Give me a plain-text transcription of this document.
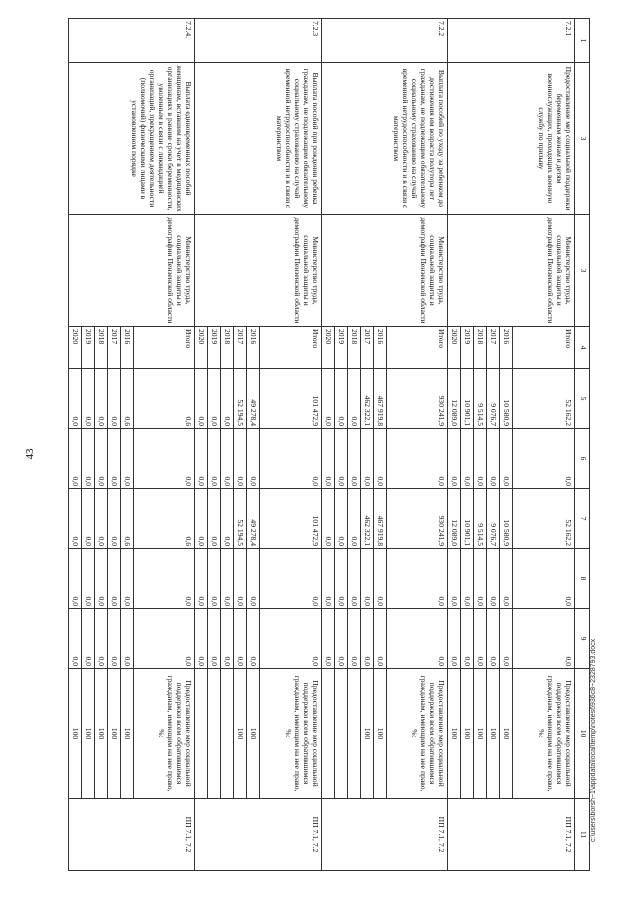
43
1	3	3	4	5	6	7	8	9	10	11
7.2.1	Предоставление мер социальной поддержки беременным женам и детям военнослужащих, проходящих военную службу по призыву	Министерство труда, социальной защиты и демографии Пензенской области	Итого	52 162,2	0,0	52 162,2	0,0	0,0	Предоставление мер социальной поддержки всем обратившимся гражданам, имеющим на нее право, %:	ПП 7.1, 7.2
			2016	10 580,9	0,0	10 580,9	0,0	0,0	100	
			2017	9 076,7	0,0	9 076,7	0,0	0,0	100	
			2018	9 514,5	0,0	9 514,5	0,0	0,0	100	
			2019	10 901,1	0,0	10 901,1	0,0	0,0	100	
			2020	12 089,0	0,0	12 089,0	0,0	0,0	100	
7.2.2	Выплата пособий по уходу за ребенком до достижения им возраста полутора лет гражданам, не подлежащим обязательному социальному страхованию на случай временной нетрудоспособности и в связи с материнством	Министерство труда, социальной защиты и демографии Пензенской области	Итого	930 241,9	0,0	930 241,9	0,0	0,0	Предоставление мер социальной поддержки всем обратившимся гражданам, имеющим на нее право, %:	ПП 7.1, 7.2
			2016	467 919,8	0,0	467 919,8	0,0	0,0	100	
			2017	462 322,1	0,0	462 322,1	0,0	0,0	100	
			2018	0,0	0,0	0,0	0,0	0,0		
			2019	0,0	0,0	0,0	0,0	0,0		
			2020	0,0	0,0	0,0	0,0	0,0		
7.2.3	Выплата пособий при рождении ребенка гражданам, не подлежащим обязательному социальному страхованию на случай временной нетрудоспособности и в связи с материнством	Министерство труда, социальной защиты и демографии Пензенской области	Итого	101 472,9	0,0	101 472,9	0,0	0,0	Предоставление мер социальной поддержки всем обратившимся гражданам, имеющим на нее право, %:	ПП 7.1, 7.2
			2016	49 278,4	0,0	49 278,4	0,0	0,0	100	
			2017	52 194,5	0,0	52 194,5	0,0	0,0	100	
			2018	0,0	0,0	0,0	0,0	0,0		
			2019	0,0	0,0	0,0	0,0	0,0		
			2020	0,0	0,0	0,0	0,0	0,0		
7.2.4.	Выплата единовременных пособий женщинам, вставшим на учет в медицинских организациях в ранние сроки беременности, уволенным в связи с ликвидацией организаций, прекращением деятельности (полномочий) физическими лицами в установленном порядке	Министерство труда, социальной защиты и демографии Пензенской области	Итого	0,6	0,0	0,6	0,0	0,0	Предоставление мер социальной поддержки всем обратившимся гражданам, имеющим на нее право, %:	ПП 7.1, 7.2
			2016	0,6	0,0	0,6	0,0	0,0	100	
			2017	0,0	0,0	0,0	0,0	0,0	100	
			2018	0,0	0,0	0,0	0,0	0,0	100	
			2019	0,0	0,0	0,0	0,0	0,0	100	
			2020	0,0	0,0	0,0	0,0	0,0	100		c:\users\borsh~1\appdata\local\temp\notes6936c8~2328793.docx
